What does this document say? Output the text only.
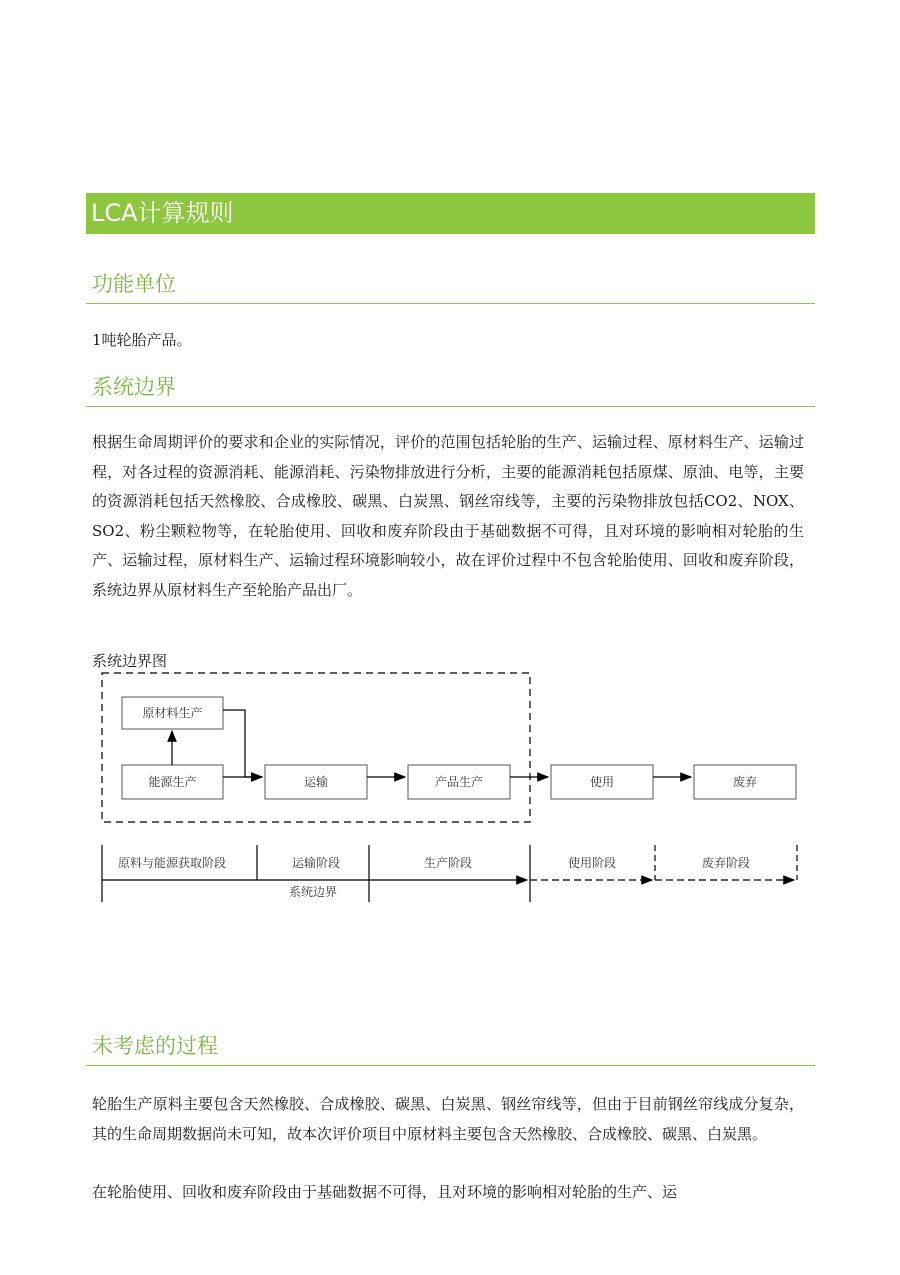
LCA计算规则
功能单位

1吨轮胎产品。

系统边界

根据生命周期评价的要求和企业的实际情况，评价的范围包括轮胎的生产、运输过程、原材料生产、运输过程，对各过程的资源消耗、能源消耗、污染物排放进行分析，主要的能源消耗包括原煤、原油、电等，主要的资源消耗包括天然橡胶、合成橡胶、碳黑、白炭黑、钢丝帘线等，主要的污染物排放包括CO2、NOX、SO2、粉尘颗粒物等，在轮胎使用、回收和废弃阶段由于基础数据不可得，且对环境的影响相对轮胎的生产、运输过程，原材料生产、运输过程环境影响较小，故在评价过程中不包含轮胎使用、回收和废弃阶段，系统边界从原材料生产至轮胎产品出厂。

系统边界图
原材料生产
能源生产	运输	产品生产	使用	废弃
原料与能源获取阶段	运输阶段	生产阶段	使用阶段	废弃阶段
系统边界
未考虑的过程

轮胎生产原料主要包含天然橡胶、合成橡胶、碳黑、白炭黑、钢丝帘线等，但由于目前钢丝帘线成分复杂，其的生命周期数据尚未可知，故本次评价项目中原材料主要包含天然橡胶、合成橡胶、碳黑、白炭黑。

在轮胎使用、回收和废弃阶段由于基础数据不可得，且对环境的影响相对轮胎的生产、运
